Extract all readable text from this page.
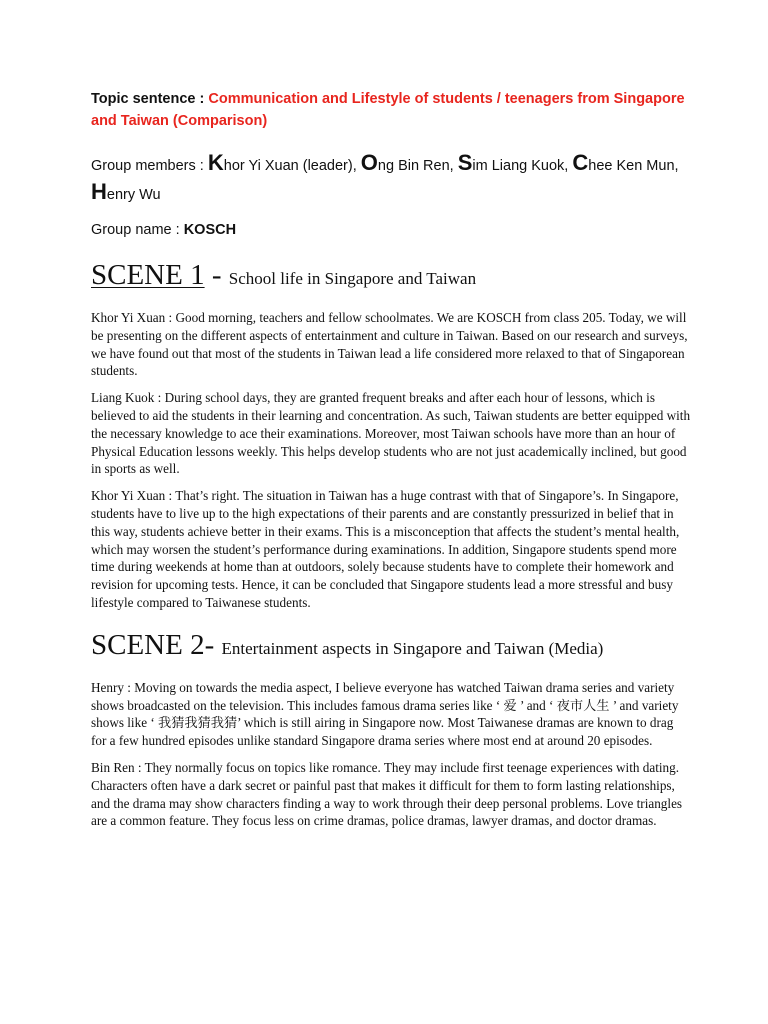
Topic sentence : Communication and Lifestyle of students / teenagers from Singapore and Taiwan (Comparison)

Group members : Khor Yi Xuan (leader), Ong Bin Ren, Sim Liang Kuok, Chee Ken Mun, Henry Wu

Group name : KOSCH

SCENE 1 - School life in Singapore and Taiwan

Khor Yi Xuan : Good morning, teachers and fellow schoolmates. We are KOSCH from class 205. Today, we will be presenting on the different aspects of entertainment and culture in Taiwan. Based on our research and surveys, we have found out that most of the students in Taiwan lead a life considered more relaxed to that of Singaporean students.

Liang Kuok : During school days, they are granted frequent breaks and after each hour of lessons, which is believed to aid the students in their learning and concentration. As such, Taiwan students are better equipped with the necessary knowledge to ace their examinations. Moreover, most Taiwan schools have more than an hour of Physical Education lessons weekly. This helps develop students who are not just academically inclined, but good in sports as well.

Khor Yi Xuan : That’s right. The situation in Taiwan has a huge contrast with that of Singapore’s. In Singapore, students have to live up to the high expectations of their parents and are constantly pressurized in belief that in this way, students achieve better in their exams. This is a misconception that affects the student’s mental health, which may worsen the student’s performance during examinations. In addition, Singapore students spend more time during weekends at home than at outdoors, solely because students have to complete their homework and revision for upcoming tests. Hence, it can be concluded that Singapore students lead a more stressful and busy lifestyle compared to Taiwanese students.

SCENE 2- Entertainment aspects in Singapore and Taiwan (Media)

Henry : Moving on towards the media aspect, I believe everyone has watched Taiwan drama series and variety shows broadcasted on the television. This includes famous drama series like ‘ 爱 ’ and ‘ 夜市人生 ’ and variety shows like ‘ 我猜我猜我猜’ which is still airing in Singapore now. Most Taiwanese dramas are known to drag for a few hundred episodes unlike standard Singapore drama series where most end at around 20 episodes.

Bin Ren : They normally focus on topics like romance. They may include first teenage experiences with dating. Characters often have a dark secret or painful past that makes it difficult for them to form lasting relationships, and the drama may show characters finding a way to work through their deep personal problems. Love triangles are a common feature. They focus less on crime dramas, police dramas, lawyer dramas, and doctor dramas.
